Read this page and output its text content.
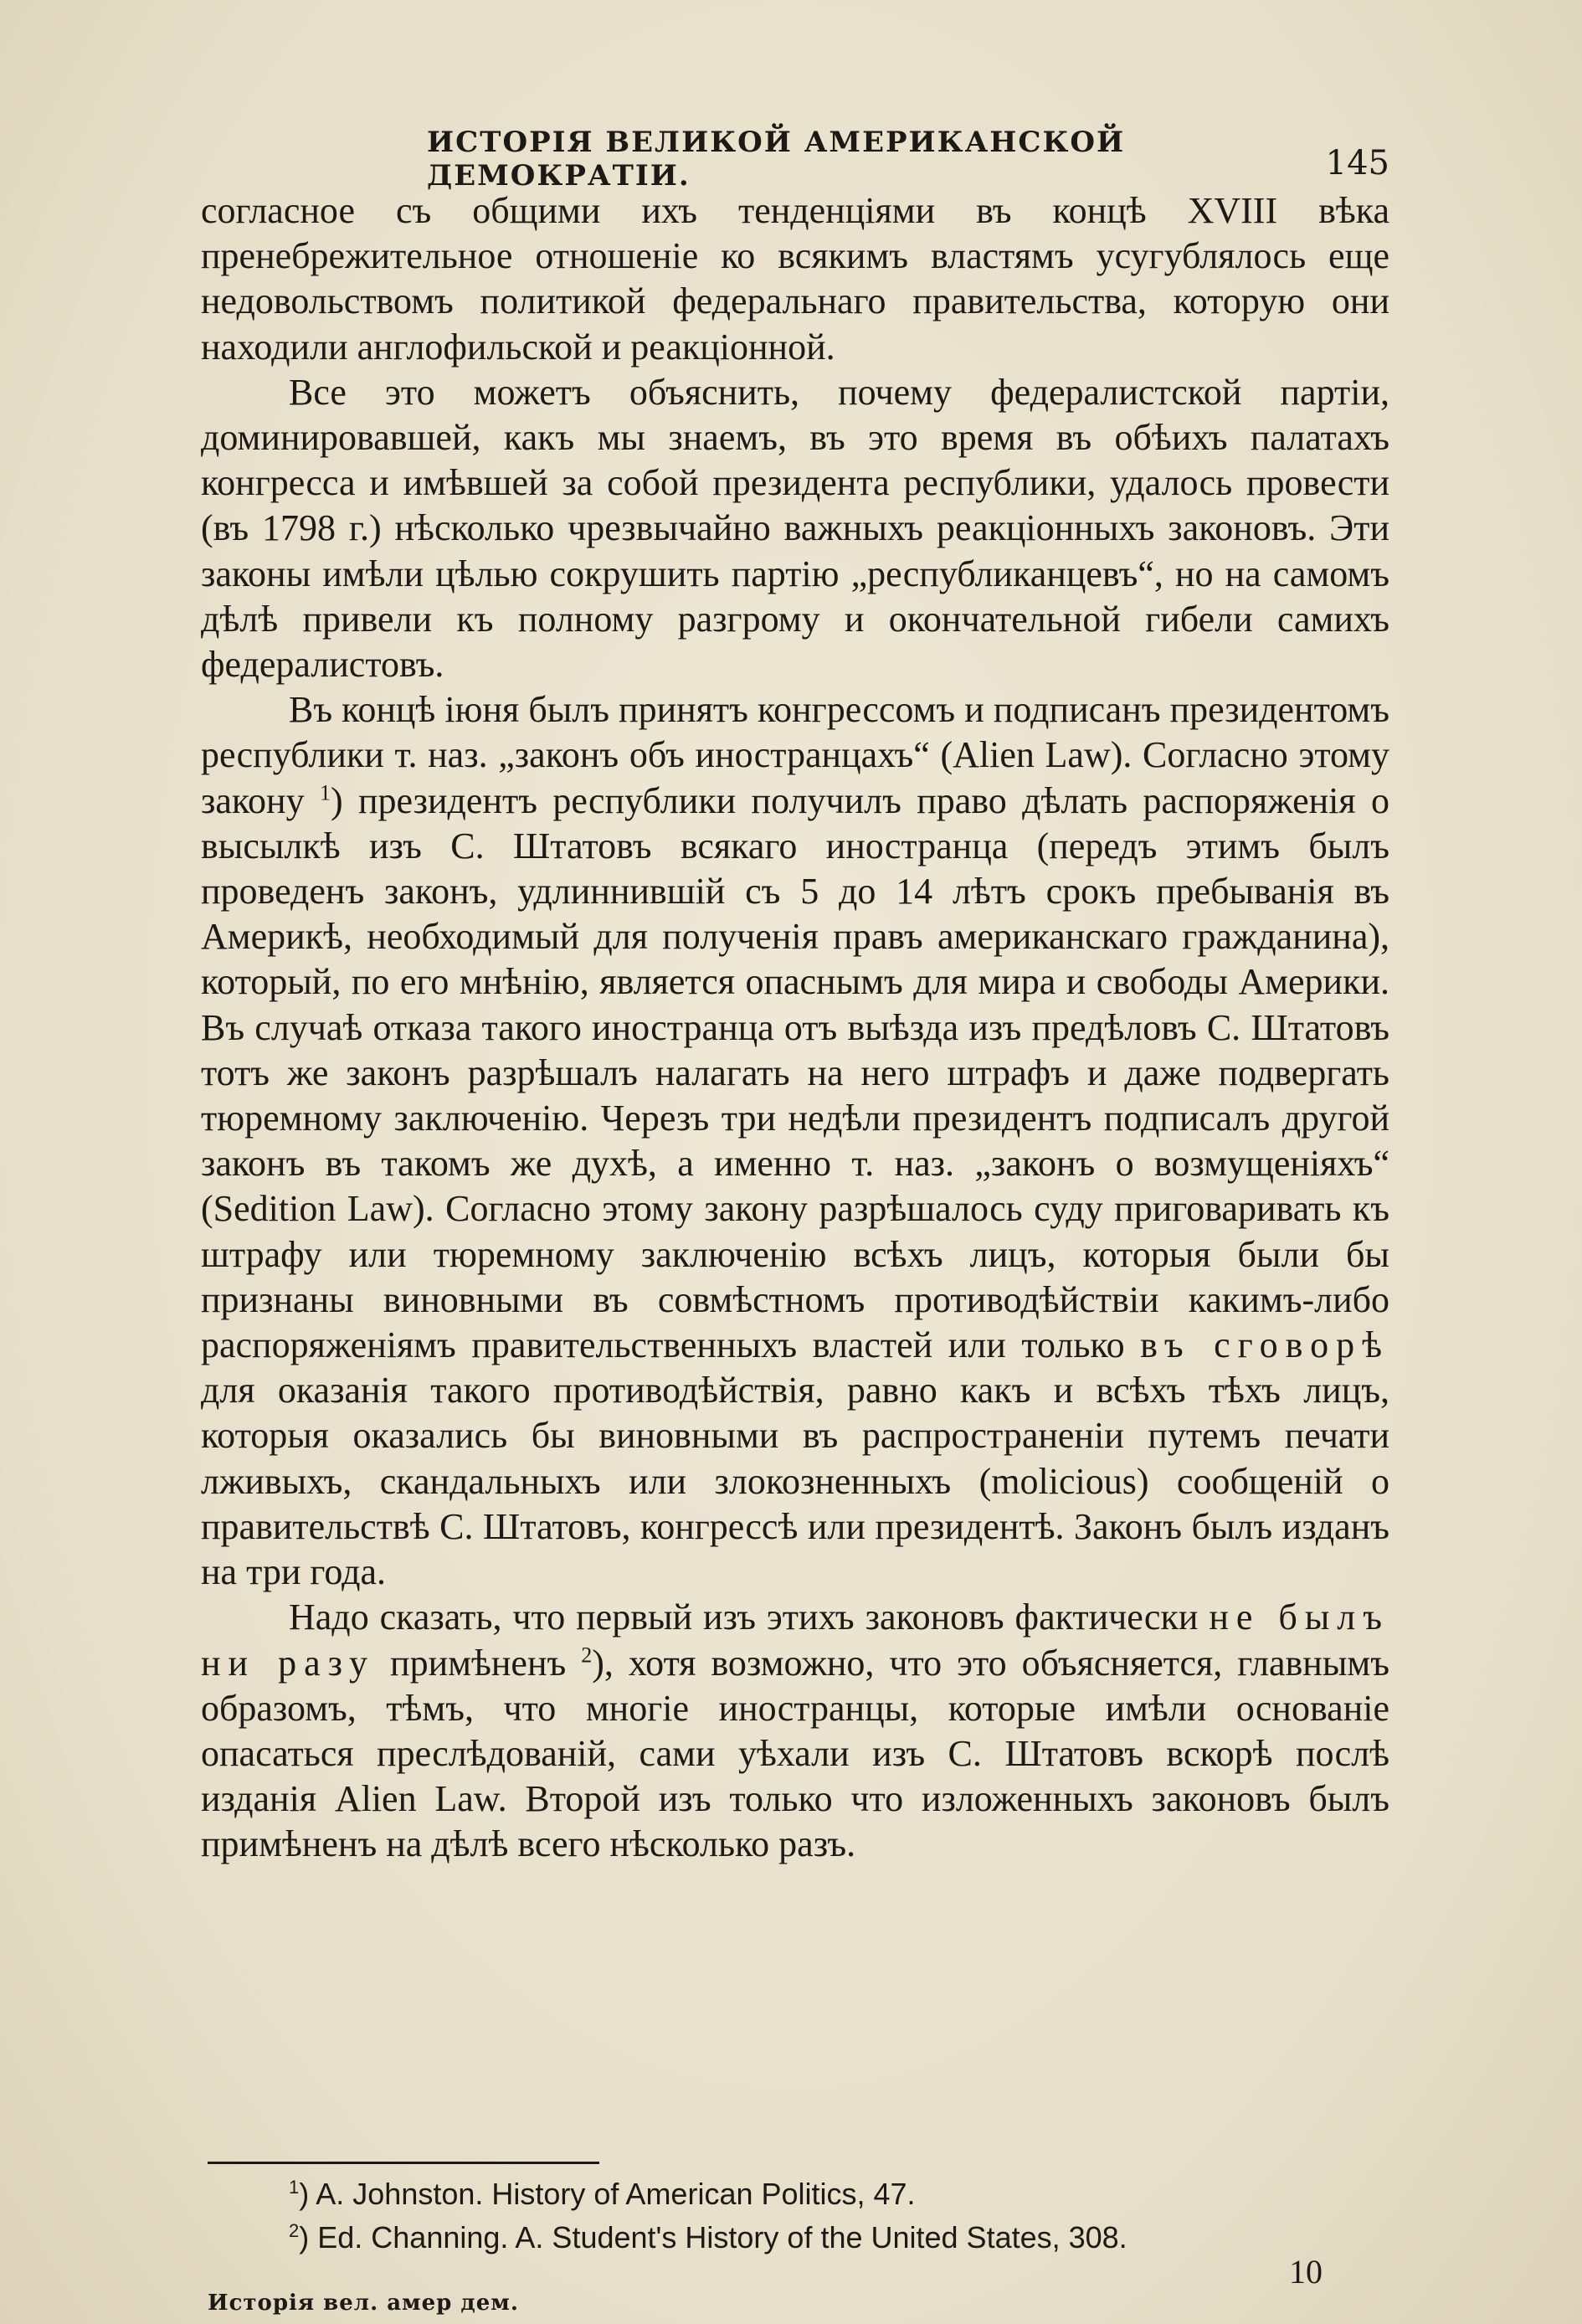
ИСТОРІЯ ВЕЛИКОЙ АМЕРИКАНСКОЙ ДЕМОКРАТІИ.	145

согласное съ общими ихъ тенденціями въ концѣ XVIII вѣка пренебрежительное отношеніе ко всякимъ властямъ усугублялось еще недовольствомъ политикой федеральнаго правительства, которую они находили англофильской и реакціонной.

Все это можетъ объяснить, почему федералистской партіи, доминировавшей, какъ мы знаемъ, въ это время въ обѣихъ палатахъ конгресса и имѣвшей за собой президента республики, удалось провести (въ 1798 г.) нѣсколько чрезвычайно важныхъ реакціонныхъ законовъ. Эти законы имѣли цѣлью сокрушить партію „республиканцевъ“, но на самомъ дѣлѣ привели къ полному разгрому и окончательной гибели самихъ федералистовъ.

Въ концѣ іюня былъ принятъ конгрессомъ и подписанъ президентомъ республики т. наз. „законъ объ иностранцахъ“ (Alien Law). Согласно этому закону $^1$) президентъ республики получилъ право дѣлать распоряженія о высылкѣ изъ С. Штатовъ всякаго иностранца (передъ этимъ былъ проведенъ законъ, удлиннившій съ 5 до 14 лѣтъ срокъ пребыванія въ Америкѣ, необходимый для полученія правъ американскаго гражданина), который, по его мнѣнію, является опаснымъ для мира и свободы Америки. Въ случаѣ отказа такого иностранца отъ выѣзда изъ предѣловъ С. Штатовъ тотъ же законъ разрѣшалъ налагать на него штрафъ и даже подвергать тюремному заключенію. Черезъ три недѣли президентъ подписалъ другой законъ въ такомъ же духѣ, а именно т. наз. „законъ о возмущеніяхъ“ (Sedition Law). Согласно этому закону разрѣшалось суду приговаривать къ штрафу или тюремному заключенію всѣхъ лицъ, которыя были бы признаны виновными въ совмѣстномъ противодѣйствіи какимъ-либо распоряженіямъ правительственныхъ властей или только въ сговорѣ для оказанія такого противодѣйствія, равно какъ и всѣхъ тѣхъ лицъ, которыя оказались бы виновными въ распространеніи путемъ печати лживыхъ, скандальныхъ или злокозненныхъ (molicious) сообщеній о правительствѣ С. Штатовъ, конгрессѣ или президентѣ. Законъ былъ изданъ на три года.

Надо сказать, что первый изъ этихъ законовъ фактически не былъ ни разу примѣненъ $^2$), хотя возможно, что это объясняется, главнымъ образомъ, тѣмъ, что многіе иностранцы, которые имѣли основаніе опасаться преслѣдованій, сами уѣхали изъ С. Штатовъ вскорѣ послѣ изданія Alien Law. Второй изъ только что изложенныхъ законовъ былъ примѣненъ на дѣлѣ всего нѣсколько разъ.

$^1$) A. Johnston. History of American Politics, 47.
$^2$) Ed. Channing. A. Student's History of the United States, 308.
10
Исторія вел. амер дем.
